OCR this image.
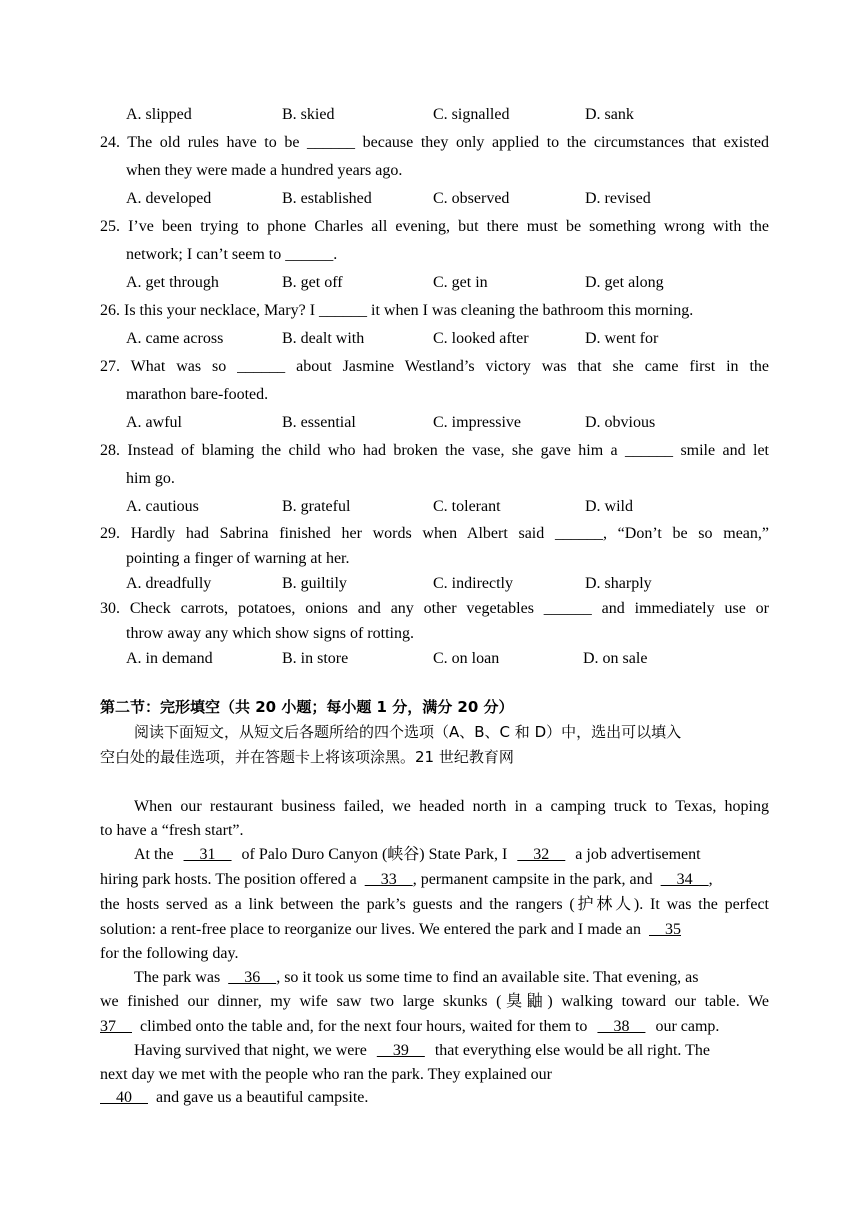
A. slipped	B. skied	C. signalled	D. sank
24. The old rules have to be ______ because they only applied to the circumstances that existed
when they were made a hundred years ago.
A. developed	B. established	C. observed	D. revised
25. I’ve been trying to phone Charles all evening, but there must be something wrong with the
network; I can’t seem to ______.
A. get through	B. get off	C. get in	D. get along
26. Is this your necklace, Mary? I ______ it when I was cleaning the bathroom this morning.
A. came across	B. dealt with	C. looked after	D. went for
27. What was so ______ about Jasmine Westland’s victory was that she came first in the
marathon bare-footed.
A. awful	B. essential	C. impressive	D. obvious
28. Instead of blaming the child who had broken the vase, she gave him a ______ smile and let
him go.
A. cautious	B. grateful	C. tolerant	D. wild
29. Hardly had Sabrina finished her words when Albert said ______, “Don’t be so mean,”
pointing a finger of warning at her.
A. dreadfully	B. guiltily	C. indirectly	D. sharply
30. Check carrots, potatoes, onions and any other vegetables ______ and immediately use or
throw away any which show signs of rotting.
A. in demand	B. in store	C. on loan	D. on sale
第二节：完形填空（共 20 小题；每小题 1 分，满分 20 分）
阅读下面短文，从短文后各题所给的四个选项（A、B、C 和 D）中，选出可以填入
空白处的最佳选项，并在答题卡上将该项涂黑。21 世纪教育网
When our restaurant business failed, we headed north in a camping truck to Texas, hoping
to have a “fresh start”.
At the     31     of Palo Duro Canyon (峡谷) State Park, I     32     a job advertisement
hiring park hosts. The position offered a     33    , permanent campsite in the park, and     34    ,
the hosts served as a link between the park’s guests and the rangers (护林人). It was the perfect
solution: a rent-free place to reorganize our lives. We entered the park and I made an     35
for the following day.
The park was     36    , so it took us some time to find an available site. That evening, as
we finished our dinner, my wife saw two large skunks (臭鼬) walking toward our table. We
37     climbed onto the table and, for the next four hours, waited for them to     38     our camp.
Having survived that night, we were     39     that everything else would be all right. The
next day we met with the people who ran the park. They explained our
40     and gave us a beautiful campsite.
